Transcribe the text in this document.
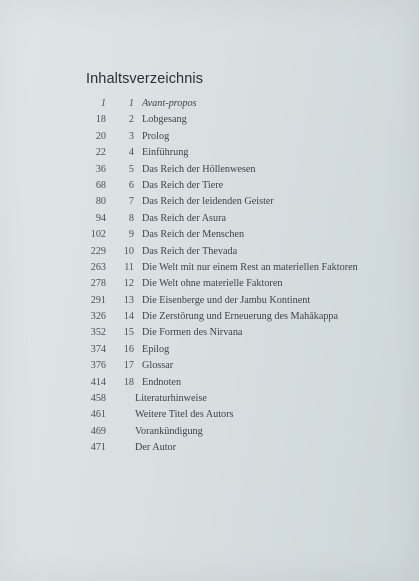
Inhaltsverzeichnis
1	1 Avant-propos
18	2 Lobgesang
20	3 Prolog
22	4 Einführung
36	5 Das Reich der Höllenwesen
68	6 Das Reich der Tiere
80	7 Das Reich der leidenden Geister
94	8 Das Reich der Asura
102	9 Das Reich der Menschen
229	10 Das Reich der Thevada
263	11 Die Welt mit nur einem Rest an materiellen Faktoren
278	12 Die Welt ohne materielle Faktoren
291	13 Die Eisenberge und der Jambu Kontinent
326	14 Die Zerstörung und Erneuerung des Mahākappa
352	15 Die Formen des Nirvana
374	16 Epilog
376	17 Glossar
414	18 Endnoten
458	Literaturhinweise
461	Weitere Titel des Autors
469	Vorankündigung
471	Der Autor
